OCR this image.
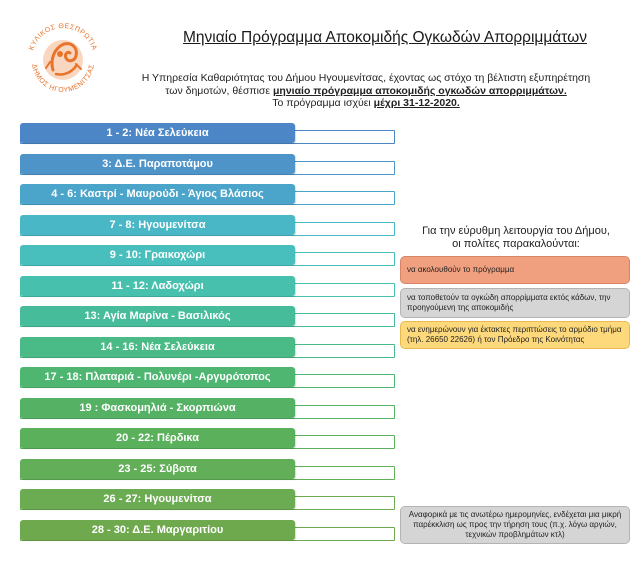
ΚΥΛΙΚΟΣ ΘΕΣΠΡΩΤΙΑ
ΔΗΜΟΣ ΗΓΟΥΜΕΝΙΤΣΑΣ
Μηνιαίο Πρόγραμμα Αποκομιδής Ογκωδών Απορριμμάτων
Η Υπηρεσία Καθαριότητας του Δήμου Ηγουμενίτσας, έχοντας ως στόχο τη βέλτιστη εξυπηρέτηση
των δημοτών, θέσπισε μηνιαίο πρόγραμμα αποκομιδής ογκωδών απορριμμάτων.
Το πρόγραμμα ισχύει μέχρι 31-12-2020.
1 - 2: Νέα Σελεύκεια
3: Δ.Ε. Παραποτάμου
4 - 6: Καστρί - Μαυρούδι - Άγιος Βλάσιος
7 - 8: Ηγουμενίτσα
9 - 10: Γραικοχώρι
11 - 12: Λαδοχώρι
13: Αγία Μαρίνα - Βασιλικός
14 - 16: Νέα Σελεύκεια
17 - 18: Πλαταριά - Πολυνέρι -Αργυρότοπος
19 : Φασκομηλιά - Σκορπιώνα
20 - 22: Πέρδικα
23 - 25: Σύβοτα
26 - 27: Ηγουμενίτσα
28 - 30: Δ.Ε. Μαργαριτίου
Για την εύρυθμη λειτουργία του Δήμου,
οι πολίτες παρακαλούνται:
να ακολουθούν το πρόγραμμα
να τοποθετούν τα ογκώδη απορρίμματα εκτός κάδων, την προηγούμενη της αποκομιδής
να ενημερώνουν για έκτακτες περιπτώσεις το αρμόδιο τμήμα (τηλ. 26650 22626) ή τον Πρόεδρο της Κοινότητας
Αναφορικά με τις ανωτέρω ημερομηνίες, ενδέχεται μια μικρή παρέκκλιση ως προς την τήρηση τους (π.χ. λόγω αργιών, τεχνικών προβλημάτων κτλ)
